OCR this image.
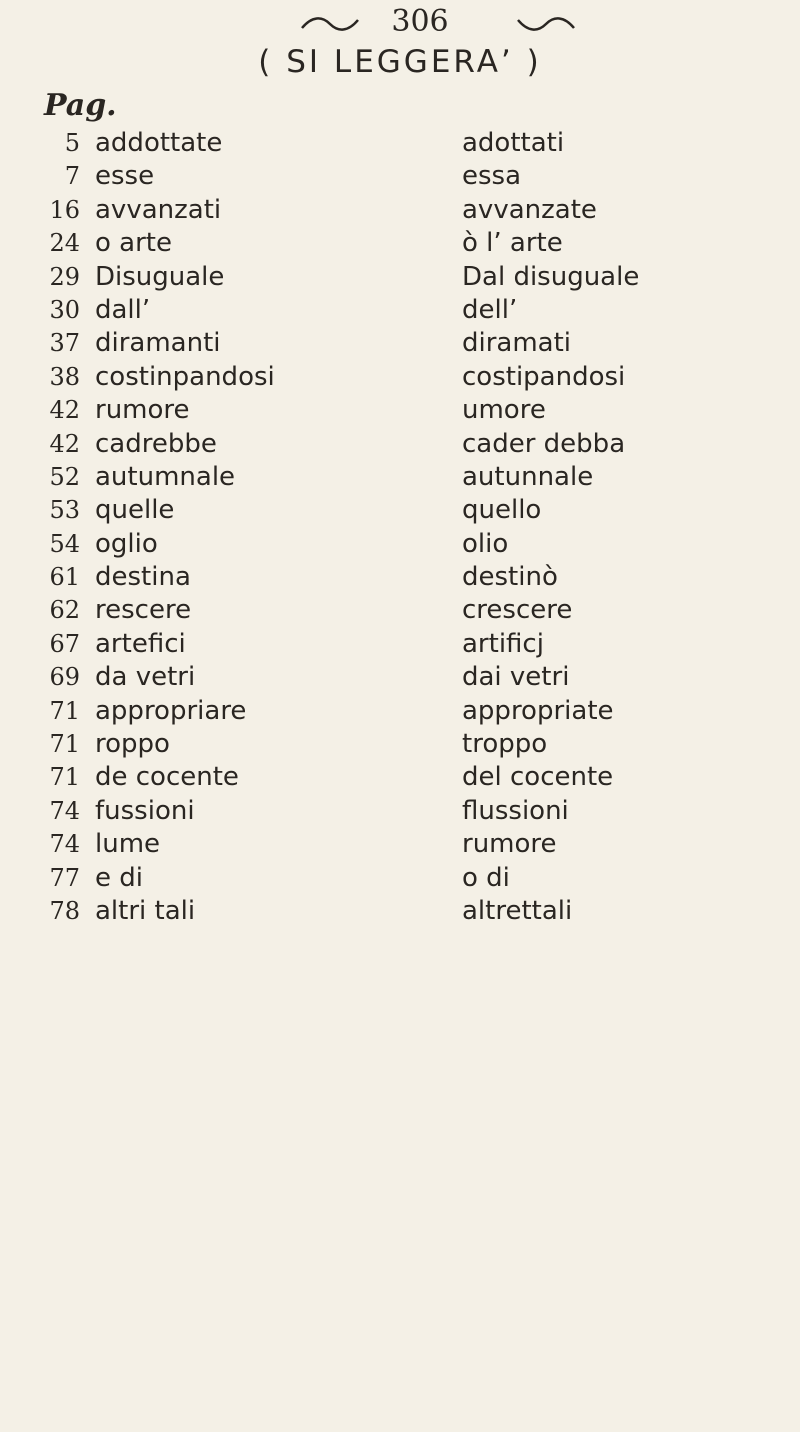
306
( SI LEGGERA’ )
Pag.
5 addottate	adottati
7 esse	essa
16 avvanzati	avvanzate
24 o arte	ò l’ arte
29 Disuguale	Dal disuguale
30 dall’	dell’
37 diramanti	diramati
38 costinpandosi	costipandosi
42 rumore	umore
42 cadrebbe	cader debba
52 autumnale	autunnale
53 quelle	quello
54 oglio	olio
61 destina	destinò
62 rescere	crescere
67 artefici	artificj
69 da vetri	dai vetri
71 appropriare	appropriate
71 roppo	troppo
71 de cocente	del cocente
74 fussioni	flussioni
74 lume	rumore
77 e di	o di
78 altri tali	altrettali
